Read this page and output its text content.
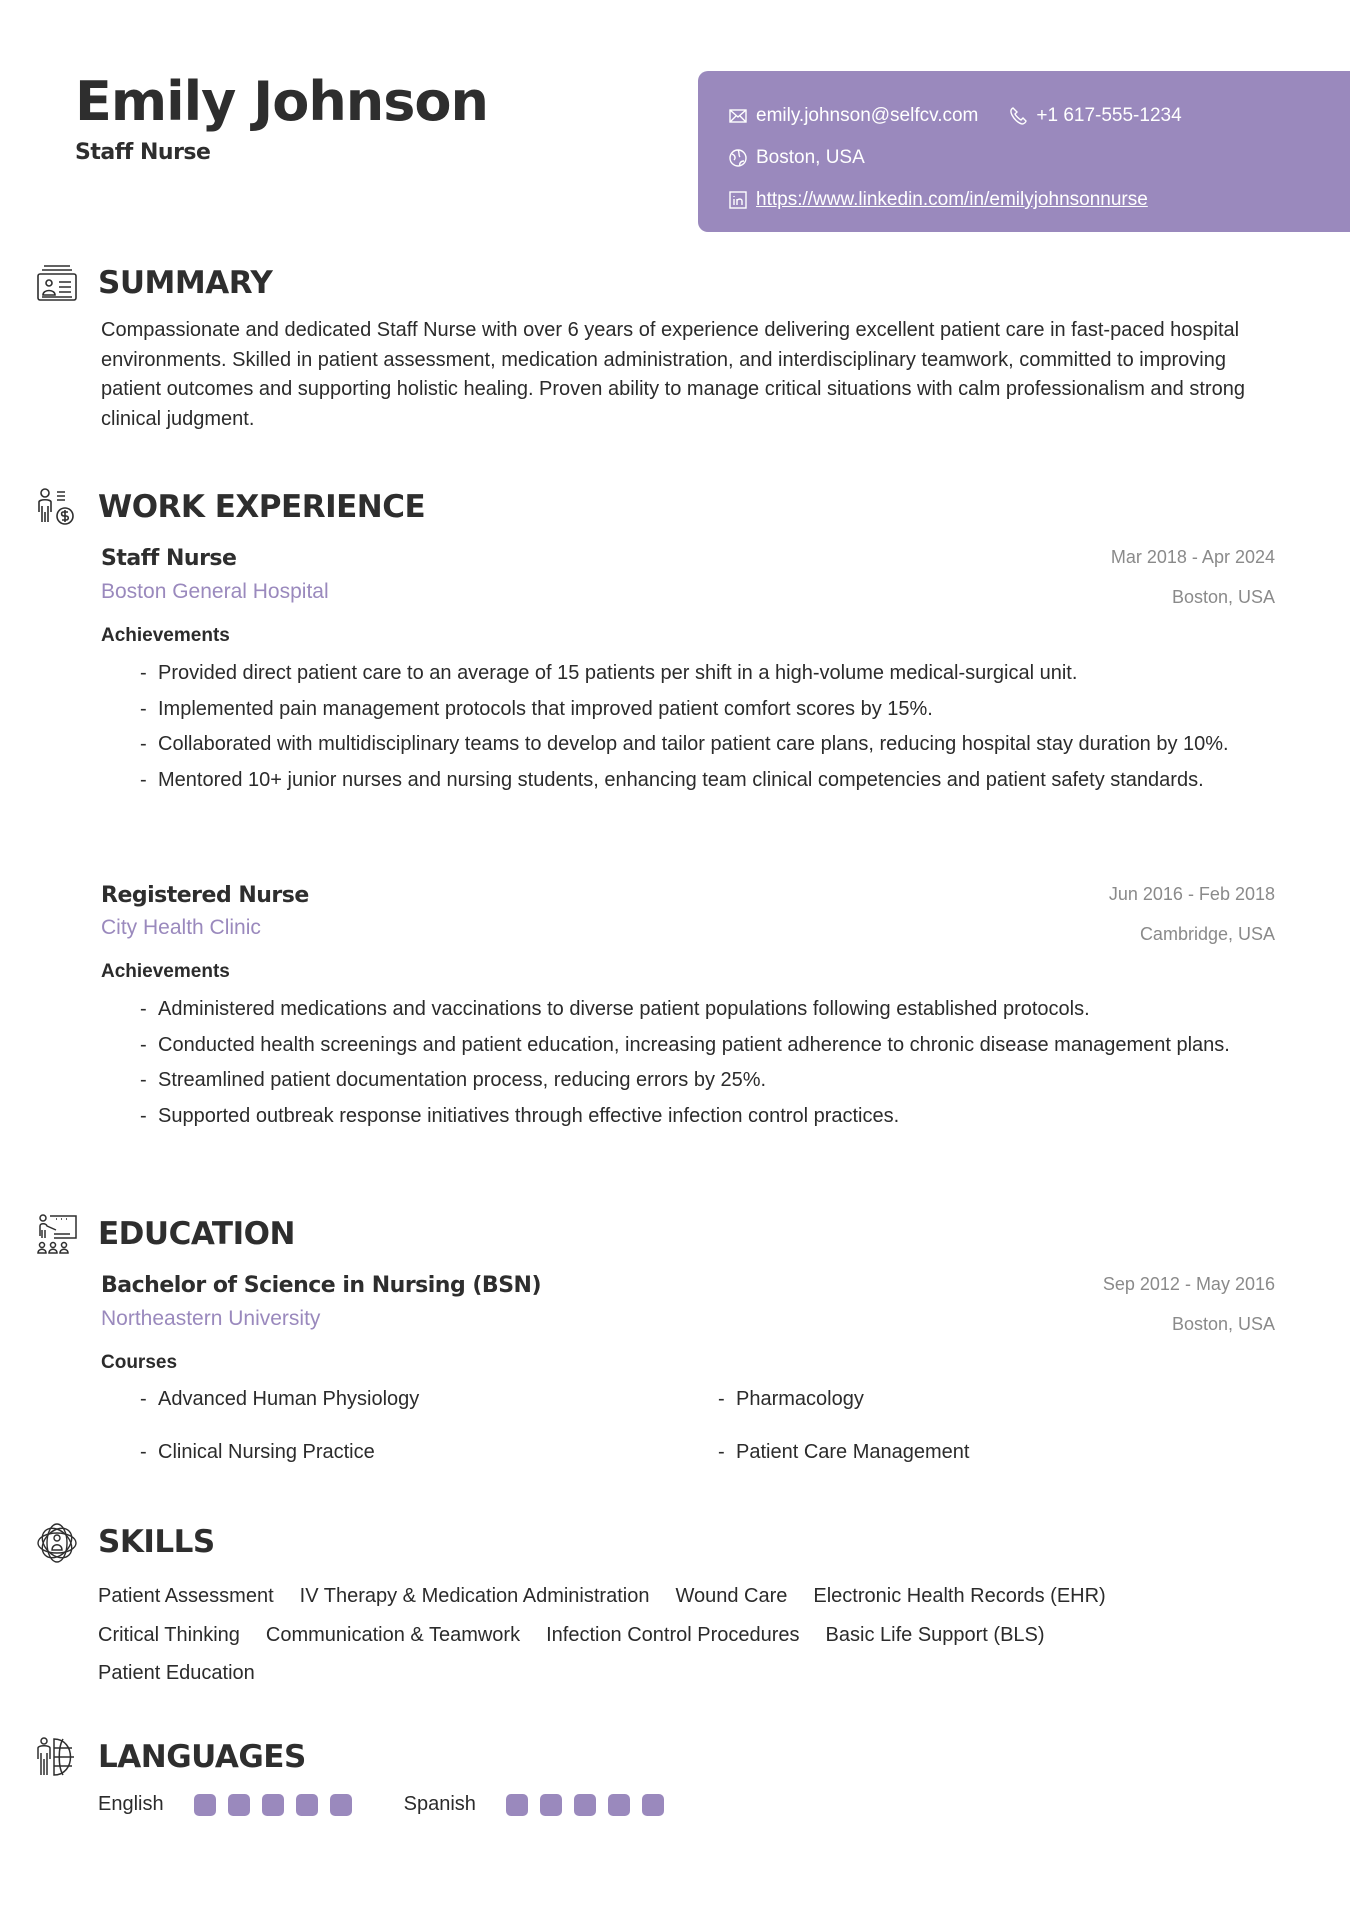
Emily Johnson
Staff Nurse
emily.johnson@selfcv.com	+1 617-555-1234
Boston, USA
https://www.linkedin.com/in/emilyjohnsonnurse
SUMMARY
Compassionate and dedicated Staff Nurse with over 6 years of experience delivering excellent patient care in fast-paced hospital environments. Skilled in patient assessment, medication administration, and interdisciplinary teamwork, committed to improving patient outcomes and supporting holistic healing. Proven ability to manage critical situations with calm professionalism and strong clinical judgment.
WORK EXPERIENCE
Staff Nurse
Boston General Hospital
Mar 2018 - Apr 2024
Boston, USA
Achievements
- Provided direct patient care to an average of 15 patients per shift in a high-volume medical-surgical unit.
- Implemented pain management protocols that improved patient comfort scores by 15%.
- Collaborated with multidisciplinary teams to develop and tailor patient care plans, reducing hospital stay duration by 10%.
- Mentored 10+ junior nurses and nursing students, enhancing team clinical competencies and patient safety standards.
Registered Nurse
City Health Clinic
Jun 2016 - Feb 2018
Cambridge, USA
Achievements
- Administered medications and vaccinations to diverse patient populations following established protocols.
- Conducted health screenings and patient education, increasing patient adherence to chronic disease management plans.
- Streamlined patient documentation process, reducing errors by 25%.
- Supported outbreak response initiatives through effective infection control practices.
EDUCATION
Bachelor of Science in Nursing (BSN)
Northeastern University
Sep 2012 - May 2016
Boston, USA
Courses
- Advanced Human Physiology	- Pharmacology
- Clinical Nursing Practice	- Patient Care Management
SKILLS
Patient Assessment IV Therapy & Medication Administration Wound Care Electronic Health Records (EHR)
Critical Thinking Communication & Teamwork Infection Control Procedures Basic Life Support (BLS)
Patient Education
LANGUAGES
English	Spanish
